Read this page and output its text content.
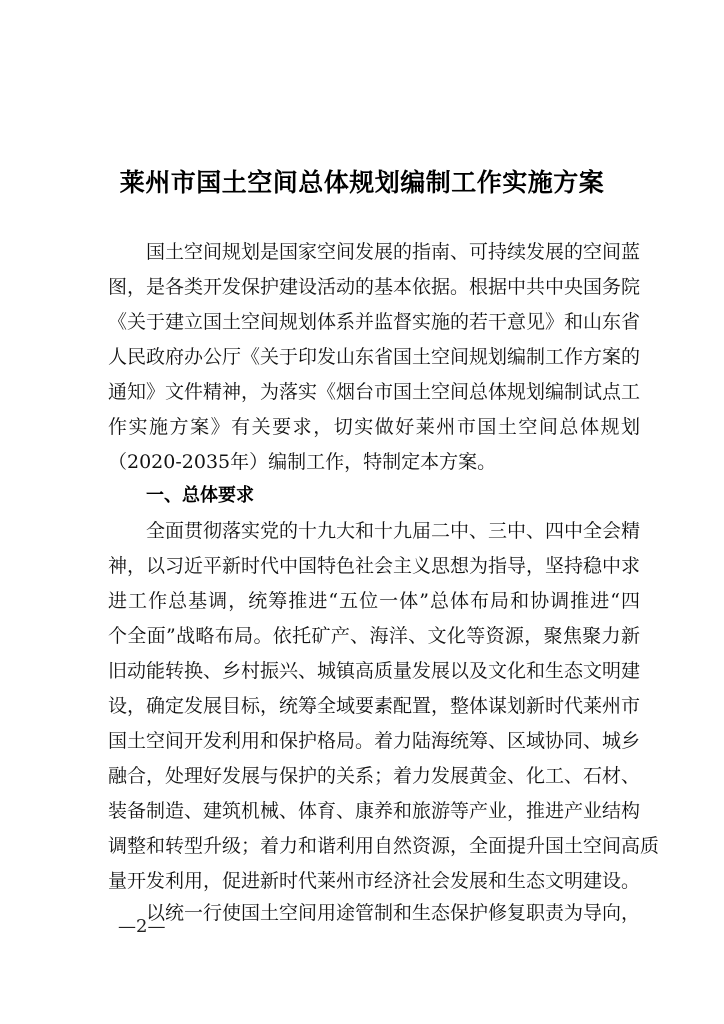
莱州市国土空间总体规划编制工作实施方案
国土空间规划是国家空间发展的指南、可持续发展的空间蓝
图，是各类开发保护建设活动的基本依据。根据中共中央国务院
《关于建立国土空间规划体系并监督实施的若干意见》和山东省
人民政府办公厅《关于印发山东省国土空间规划编制工作方案的
通知》文件精神，为落实《烟台市国土空间总体规划编制试点工
作实施方案》有关要求，切实做好莱州市国土空间总体规划
（2020-2035年）编制工作，特制定本方案。
一、总体要求
全面贯彻落实党的十九大和十九届二中、三中、四中全会精
神，以习近平新时代中国特色社会主义思想为指导，坚持稳中求
进工作总基调，统筹推进“五位一体”总体布局和协调推进“四
个全面”战略布局。依托矿产、海洋、文化等资源，聚焦聚力新
旧动能转换、乡村振兴、城镇高质量发展以及文化和生态文明建
设，确定发展目标，统筹全域要素配置，整体谋划新时代莱州市
国土空间开发利用和保护格局。着力陆海统筹、区域协同、城乡
融合，处理好发展与保护的关系；着力发展黄金、化工、石材、
装备制造、建筑机械、体育、康养和旅游等产业，推进产业结构
调整和转型升级；着力和谐利用自然资源，全面提升国土空间高质
量开发利用，促进新时代莱州市经济社会发展和生态文明建设。
以统一行使国土空间用途管制和生态保护修复职责为导向，
—2—
